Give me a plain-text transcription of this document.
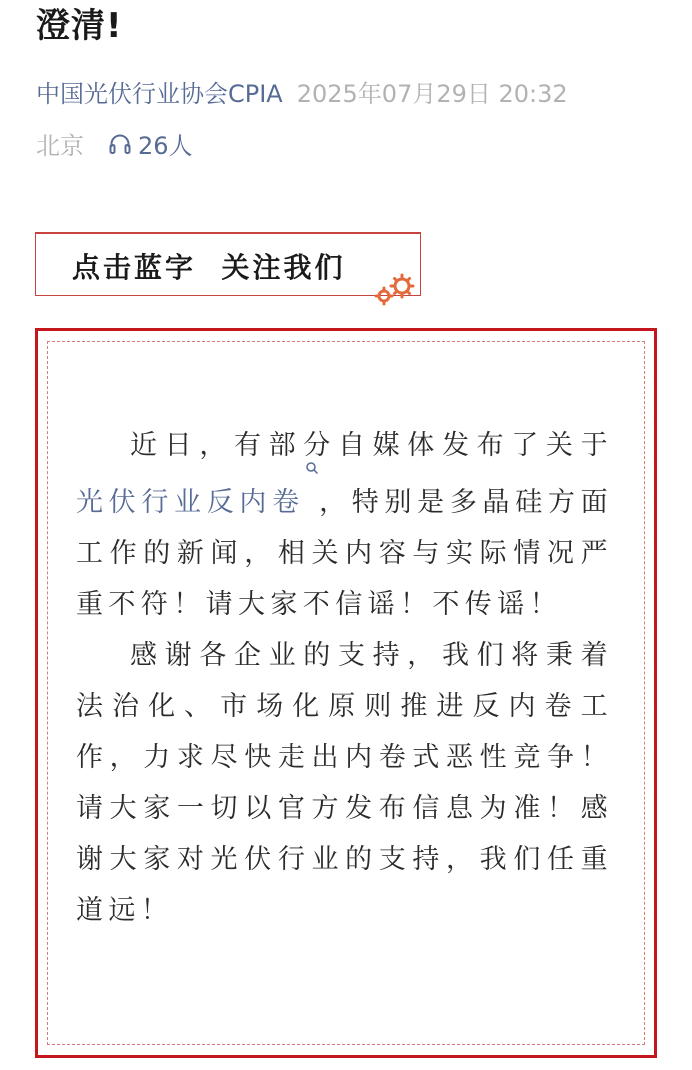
澄清!
中国光伏行业协会CPIA 2025年07月29日 20:32
北京 26人
点击蓝字  关注我们

近日，有部分自媒体发布了关于光伏行业反内卷 ，特别是多晶硅方面工作的新闻，相关内容与实际情况严重不符！请大家不信谣！不传谣！

感谢各企业的支持，我们将秉着法治化、市场化原则推进反内卷工作，力求尽快走出内卷式恶性竞争！请大家一切以官方发布信息为准！感谢大家对光伏行业的支持，我们任重道远！
